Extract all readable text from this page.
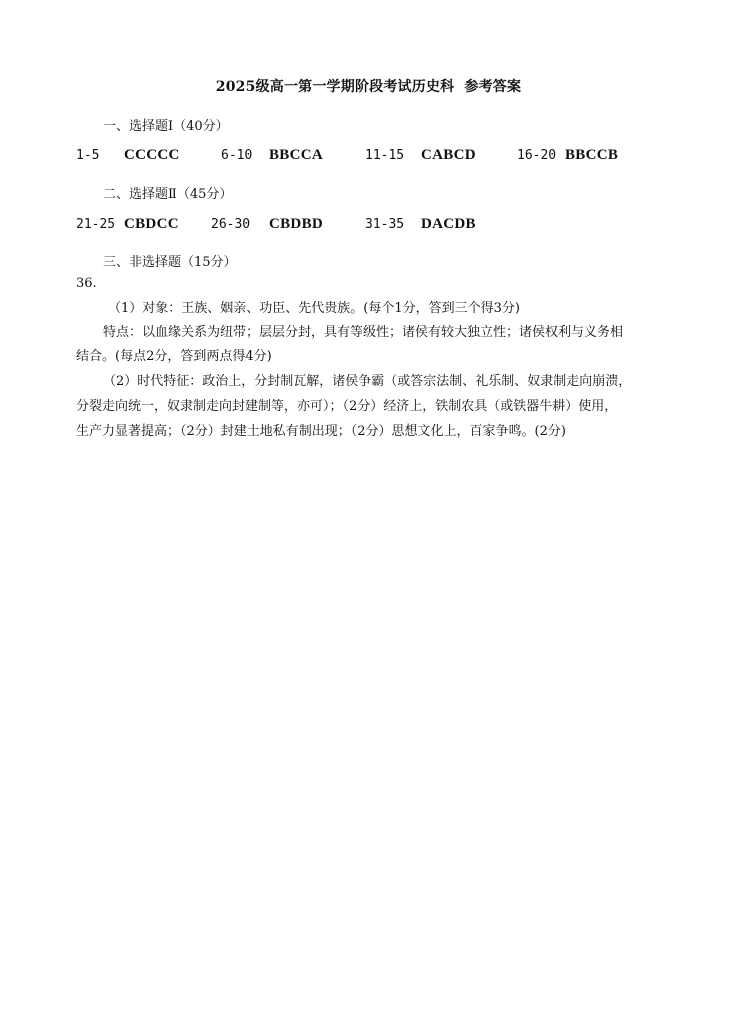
2025级高一第一学期阶段考试历史科 参考答案
一、选择题Ⅰ（40分）
1-5 CCCCC	6-10 BBCCA	11-15 CABCD	16-20 BBCCB
二、选择题Ⅱ（45分）
21-25 CBDCC 26-30 CBDBD	31-35 DACDB
三、非选择题（15分）
36.
（1）对象：王族、姻亲、功臣、先代贵族。(每个1分，答到三个得3分)
特点：以血缘关系为纽带；层层分封，具有等级性；诸侯有较大独立性；诸侯权利与义务相
结合。(每点2分，答到两点得4分)
（2）时代特征：政治上，分封制瓦解，诸侯争霸（或答宗法制、礼乐制、奴隶制走向崩溃，
分裂走向统一，奴隶制走向封建制等，亦可）；（2分）经济上，铁制农具（或铁器牛耕）使用，
生产力显著提高；（2分）封建土地私有制出现；（2分）思想文化上，百家争鸣。(2分)
